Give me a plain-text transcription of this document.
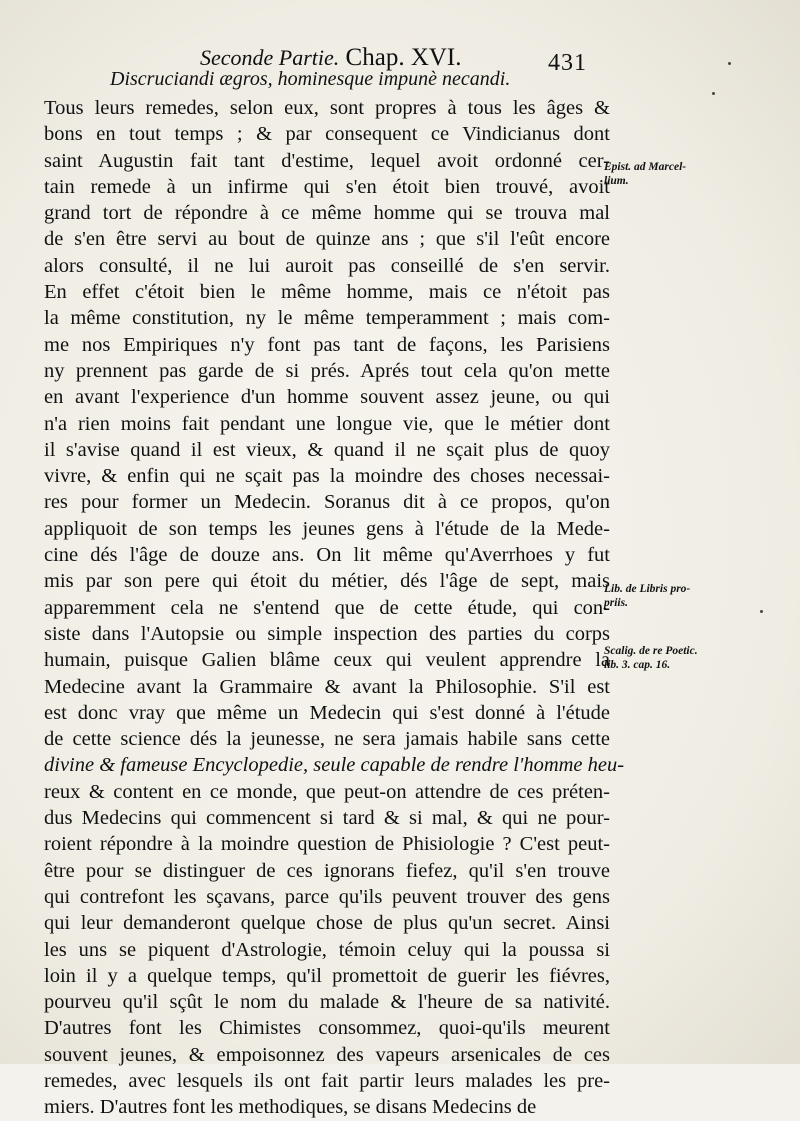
Seconde Partie. Chap. XVI.	431
Discruciandi ægros, hominesque impunè necandi.
Tous leurs remedes, selon eux, sont propres à tous les âges &
bons en tout temps ; & par consequent ce Vindicianus dont
saint Augustin fait tant d'estime, lequel avoit ordonné cer-
tain remede à un infirme qui s'en étoit bien trouvé, avoit
grand tort de répondre à ce même homme qui se trouva mal
de s'en être servi au bout de quinze ans ; que s'il l'eût encore
alors consulté, il ne lui auroit pas conseillé de s'en servir.
En effet c'étoit bien le même homme, mais ce n'étoit pas
la même constitution, ny le même temperamment ; mais com-
me nos Empiriques n'y font pas tant de façons, les Parisiens
ny prennent pas garde de si prés. Aprés tout cela qu'on mette
en avant l'experience d'un homme souvent assez jeune, ou qui
n'a rien moins fait pendant une longue vie, que le métier dont
il s'avise quand il est vieux, & quand il ne sçait plus de quoy
vivre, & enfin qui ne sçait pas la moindre des choses necessai-
res pour former un Medecin. Soranus dit à ce propos, qu'on
appliquoit de son temps les jeunes gens à l'étude de la Mede-
cine dés l'âge de douze ans. On lit même qu'Averrhoes y fut
mis par son pere qui étoit du métier, dés l'âge de sept, mais
apparemment cela ne s'entend que de cette étude, qui con-
siste dans l'Autopsie ou simple inspection des parties du corps
humain, puisque Galien blâme ceux qui veulent apprendre la
Medecine avant la Grammaire & avant la Philosophie. S'il est
est donc vray que même un Medecin qui s'est donné à l'étude
de cette science dés la jeunesse, ne sera jamais habile sans cette
divine & fameuse Encyclopedie, seule capable de rendre l'homme heu-
reux & content en ce monde, que peut-on attendre de ces préten-
dus Medecins qui commencent si tard & si mal, & qui ne pour-
roient répondre à la moindre question de Phisiologie ? C'est peut-
être pour se distinguer de ces ignorans fiefez, qu'il s'en trouve
qui contrefont les sçavans, parce qu'ils peuvent trouver des gens
qui leur demanderont quelque chose de plus qu'un secret. Ainsi
les uns se piquent d'Astrologie, témoin celuy qui la poussa si
loin il y a quelque temps, qu'il promettoit de guerir les fiévres,
pourveu qu'il sçût le nom du malade & l'heure de sa nativité.
D'autres font les Chimistes consommez, quoi-qu'ils meurent
souvent jeunes, & empoisonnez des vapeurs arsenicales de ces
remedes, avec lesquels ils ont fait partir leurs malades les pre-
miers. D'autres font les methodiques, se disans Medecins de
Epist. ad Marcel-
lium.
Lib. de Libris pro-
priis.
Scalig. de re Poetic.
lib. 3. cap. 16.
